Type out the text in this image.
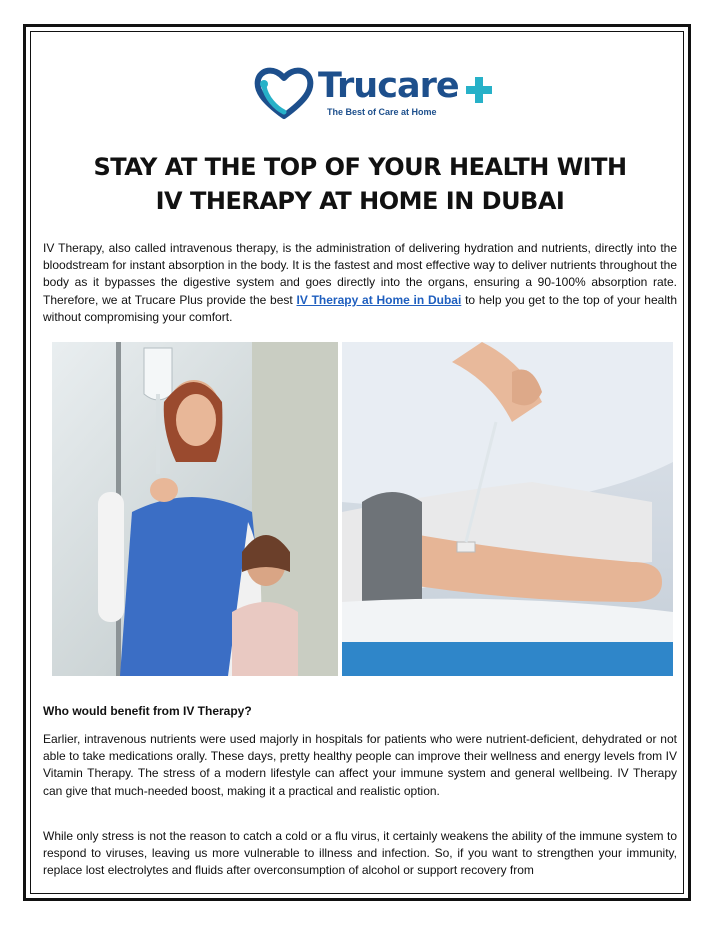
Trucare
The Best of Care at Home
STAY AT THE TOP OF YOUR HEALTH WITH
IV THERAPY AT HOME IN DUBAI

IV Therapy, also called intravenous therapy, is the administration of delivering hydration and nutrients, directly into the bloodstream for instant absorption in the body. It is the fastest and most effective way to deliver nutrients throughout the body as it bypasses the digestive system and goes directly into the organs, ensuring a 90-100% absorption rate. Therefore, we at Trucare Plus provide the best IV Therapy at Home in Dubai to help you get to the top of your health without compromising your comfort.

Who would benefit from IV Therapy?

Earlier, intravenous nutrients were used majorly in hospitals for patients who were nutrient-deficient, dehydrated or not able to take medications orally. These days, pretty healthy people can improve their wellness and energy levels from IV Vitamin Therapy. The stress of a modern lifestyle can affect your immune system and general wellbeing. IV Therapy can give that much-needed boost, making it a practical and realistic option.

While only stress is not the reason to catch a cold or a flu virus, it certainly weakens the ability of the immune system to respond to viruses, leaving us more vulnerable to illness and infection. So, if you want to strengthen your immunity, replace lost electrolytes and fluids after overconsumption of alcohol or support recovery from
